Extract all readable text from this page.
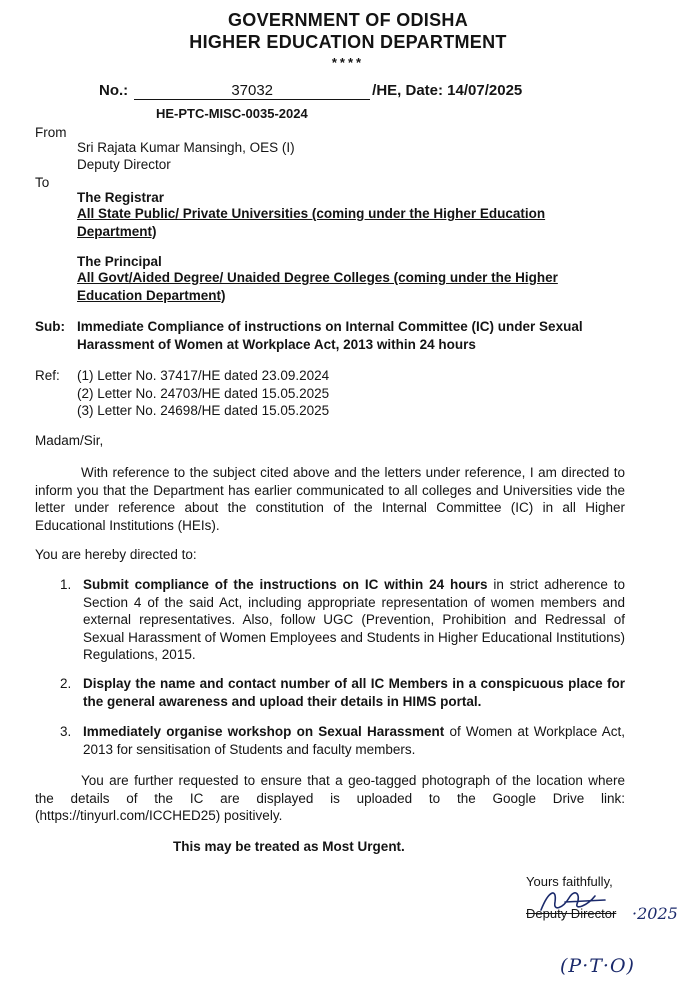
GOVERNMENT OF ODISHA
HIGHER EDUCATION DEPARTMENT
****
No.:	37032	/HE, Date: 14/07/2025
HE-PTC-MISC-0035-2024
From
Sri Rajata Kumar Mansingh, OES (I)
Deputy Director
To
The Registrar
All State Public/ Private Universities (coming under the Higher Education Department)
The Principal
All Govt/Aided Degree/ Unaided Degree Colleges (coming under the Higher Education Department)
Sub: Immediate Compliance of instructions on Internal Committee (IC) under Sexual Harassment of Women at Workplace Act, 2013 within 24 hours
Ref: (1) Letter No. 37417/HE dated 23.09.2024
(2) Letter No. 24703/HE dated 15.05.2025
(3) Letter No. 24698/HE dated 15.05.2025
Madam/Sir,
With reference to the subject cited above and the letters under reference, I am directed to inform you that the Department has earlier communicated to all colleges and Universities vide the letter under reference about the constitution of the Internal Committee (IC) in all Higher Educational Institutions (HEIs).
You are hereby directed to:
1. Submit compliance of the instructions on IC within 24 hours in strict adherence to Section 4 of the said Act, including appropriate representation of women members and external representatives. Also, follow UGC (Prevention, Prohibition and Redressal of Sexual Harassment of Women Employees and Students in Higher Educational Institutions) Regulations, 2015.
2. Display the name and contact number of all IC Members in a conspicuous place for the general awareness and upload their details in HIMS portal.
3. Immediately organise workshop on Sexual Harassment of Women at Workplace Act, 2013 for sensitisation of Students and faculty members.
You are further requested to ensure that a geo-tagged photograph of the location where the details of the IC are displayed is uploaded to the Google Drive link:(https://tinyurl.com/ICCHED25) positively.
This may be treated as Most Urgent.
Yours faithfully,
Deputy Director ·2025
(P·T·O)
